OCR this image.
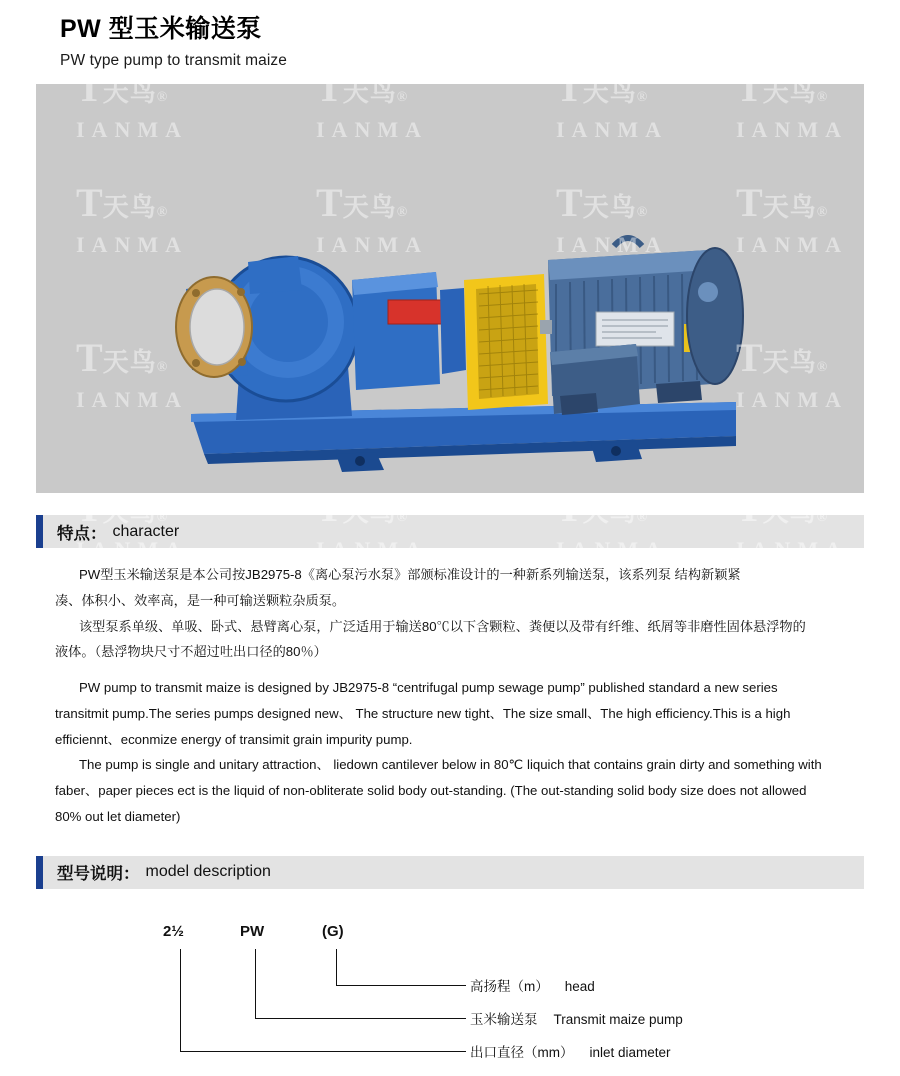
PW 型玉米输送泵
PW type pump to transmit maize
T天鸟®
IANMA
T天鸟®
IANMA
T天鸟®
IANMA
T天鸟®
IANMA
T天鸟®
IANMA
T天鸟®
IANMA
T天鸟®
IANMA
T天鸟®
IANMA
T天鸟®
IANMA
T天鸟®
IANMA
T天鸟®
IANMA
T天鸟®
IANMA
T天鸟®
IANMA
T天鸟®
IANMA
特点： character

PW型玉米输送泵是本公司按JB2975-8《离心泵污水泵》部颁标准设计的一种新系列输送泵，该系列泵 结构新颖紧

凑、体积小、效率高，是一种可输送颗粒杂质泵。

该型泵系单级、单吸、卧式、悬臂离心泵，广泛适用于输送80℃以下含颗粒、粪便以及带有纤维、纸屑等非磨性固体悬浮物的

液体。（悬浮物块尺寸不超过吐出口径的80％）

PW pump to transmit maize is designed by JB2975-8 “centrifugal pump sewage pump” published standard a new series

transitmit pump.The series pumps designed new、 The structure new tight、The size small、The high efficiency.This is a high

efficiennt、econmize energy of transimit grain impurity pump.

The pump is single and unitary attraction、 liedown cantilever below in 80℃ liquich that contains grain dirty and something with

faber、paper pieces ect is the liquid of non-obliterate solid body out-standing. (The out-standing solid body size does not allowed

80% out let diameter)

型号说明： model description
2½	PW	(G)
高扬程（m） head
玉米输送泵 Transmit maize pump
出口直径（mm） inlet diameter
